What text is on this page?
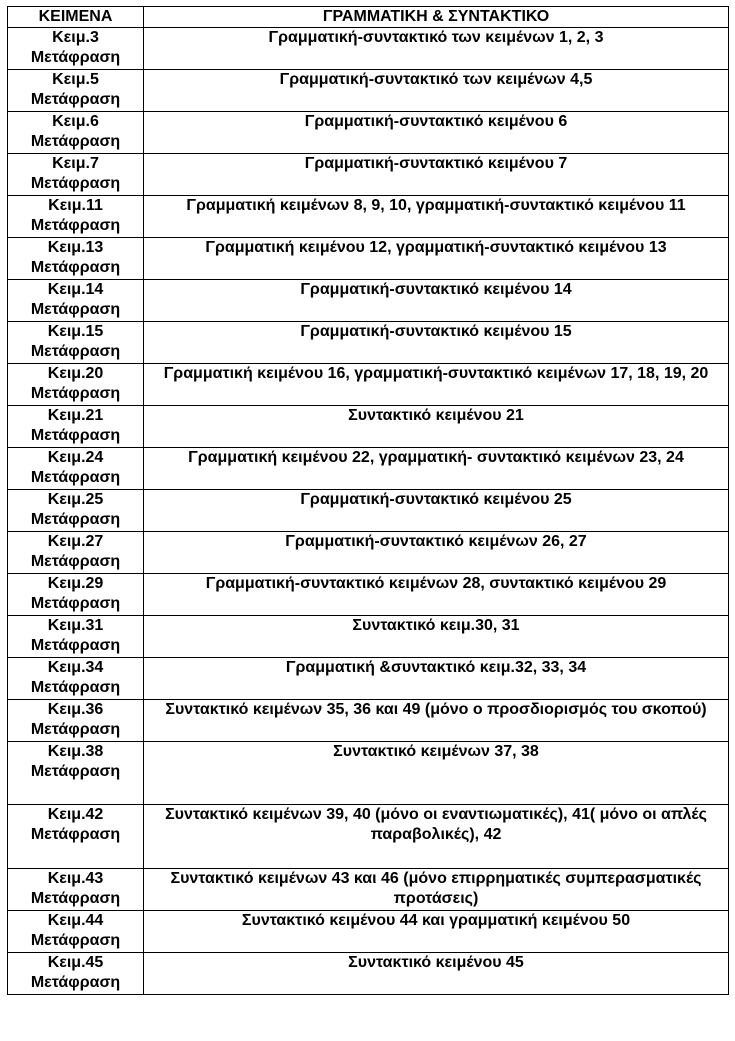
ΚΕΙΜΕΝΑ	ΓΡΑΜΜΑΤΙΚΗ & ΣΥΝΤΑΚΤΙΚΟ

Κειμ.3
Μετάφραση	Γραμματική-συντακτικό των κειμένων 1, 2, 3

Κειμ.5
Μετάφραση	Γραμματική-συντακτικό των κειμένων 4,5

Κειμ.6
Μετάφραση	Γραμματική-συντακτικό κειμένου 6

Κειμ.7
Μετάφραση	Γραμματική-συντακτικό κειμένου 7

Κειμ.11
Μετάφραση	Γραμματική κειμένων 8, 9, 10, γραμματική-συντακτικό κειμένου 11

Κειμ.13
Μετάφραση	Γραμματική κειμένου 12, γραμματική-συντακτικό κειμένου 13

Κειμ.14
Μετάφραση	Γραμματική-συντακτικό κειμένου 14

Κειμ.15
Μετάφραση	Γραμματική-συντακτικό κειμένου 15

Κειμ.20
Μετάφραση	Γραμματική κειμένου 16, γραμματική-συντακτικό κειμένων 17, 18, 19, 20

Κειμ.21
Μετάφραση	Συντακτικό κειμένου 21

Κειμ.24
Μετάφραση	Γραμματική κειμένου 22, γραμματική- συντακτικό κειμένων 23, 24

Κειμ.25
Μετάφραση	Γραμματική-συντακτικό κειμένου 25

Κειμ.27
Μετάφραση	Γραμματική-συντακτικό κειμένων 26, 27

Κειμ.29
Μετάφραση	Γραμματική-συντακτικό κειμένων 28, συντακτικό κειμένου 29

Κειμ.31
Μετάφραση	Συντακτικό κειμ.30, 31

Κειμ.34
Μετάφραση	Γραμματική &συντακτικό κειμ.32, 33, 34

Κειμ.36
Μετάφραση	Συντακτικό κειμένων 35, 36 και 49 (μόνο ο προσδιορισμός του σκοπού)

Κειμ.38
Μετάφραση	Συντακτικό κειμένων 37, 38

Κειμ.42
Μετάφραση	Συντακτικό κειμένων 39, 40 (μόνο οι εναντιωματικές), 41( μόνο οι απλές παραβολικές), 42

Κειμ.43
Μετάφραση	Συντακτικό κειμένων 43 και 46 (μόνο επιρρηματικές συμπερασματικές προτάσεις)

Κειμ.44
Μετάφραση	Συντακτικό κειμένου 44 και γραμματική κειμένου 50

Κειμ.45
Μετάφραση	Συντακτικό κειμένου 45
